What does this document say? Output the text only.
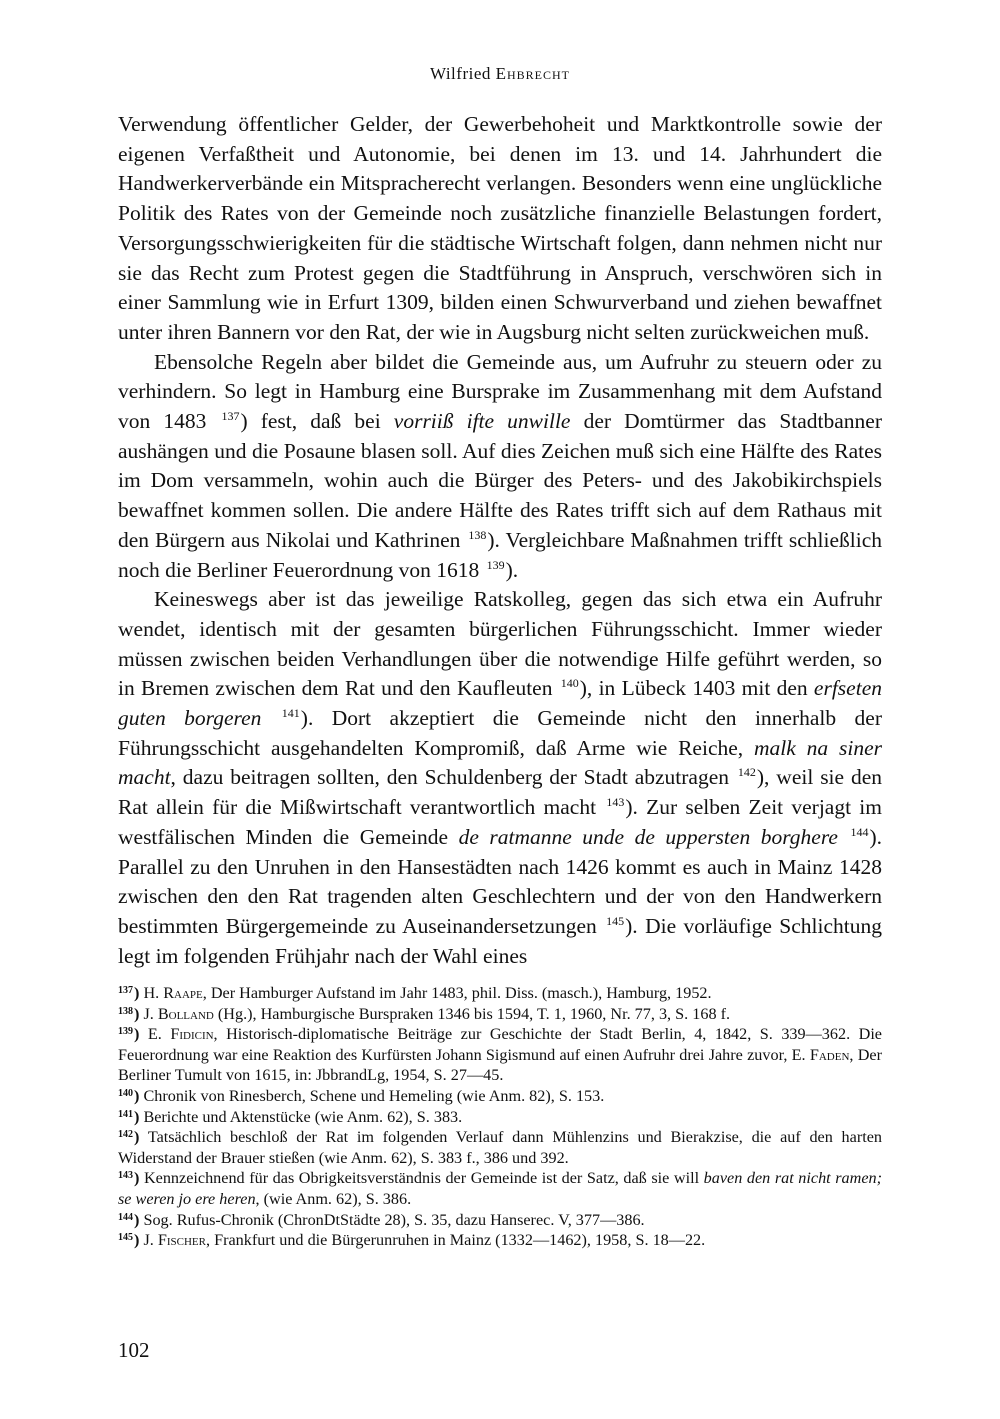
Wilfried Ehbrecht

Verwendung öffentlicher Gelder, der Gewerbehoheit und Marktkontrolle sowie der eigenen Verfaßtheit und Autonomie, bei denen im 13. und 14. Jahrhundert die Handwerkerverbände ein Mitspracherecht verlangen. Besonders wenn eine unglückliche Politik des Rates von der Gemeinde noch zusätzliche finanzielle Belastungen fordert, Versorgungsschwierigkeiten für die städtische Wirtschaft folgen, dann nehmen nicht nur sie das Recht zum Protest gegen die Stadtführung in Anspruch, verschwören sich in einer Sammlung wie in Erfurt 1309, bilden einen Schwurverband und ziehen bewaffnet unter ihren Bannern vor den Rat, der wie in Augsburg nicht selten zurückweichen muß.

Ebensolche Regeln aber bildet die Gemeinde aus, um Aufruhr zu steuern oder zu verhindern. So legt in Hamburg eine Bursprake im Zusammenhang mit dem Aufstand von 1483 $^{137}$) fest, daß bei vorriiß ifte unwille der Domtürmer das Stadtbanner aushängen und die Posaune blasen soll. Auf dies Zeichen muß sich eine Hälfte des Rates im Dom versammeln, wohin auch die Bürger des Peters- und des Jakobikirchspiels bewaffnet kommen sollen. Die andere Hälfte des Rates trifft sich auf dem Rathaus mit den Bürgern aus Nikolai und Kathrinen $^{138}$). Vergleichbare Maßnahmen trifft schließlich noch die Berliner Feuerordnung von 1618 $^{139}$).

Keineswegs aber ist das jeweilige Ratskolleg, gegen das sich etwa ein Aufruhr wendet, identisch mit der gesamten bürgerlichen Führungsschicht. Immer wieder müssen zwischen beiden Verhandlungen über die notwendige Hilfe geführt werden, so in Bremen zwischen dem Rat und den Kaufleuten $^{140}$), in Lübeck 1403 mit den erfseten guten borgeren $^{141}$). Dort akzeptiert die Gemeinde nicht den innerhalb der Führungsschicht ausgehandelten Kompromiß, daß Arme wie Reiche, malk na siner macht, dazu beitragen sollten, den Schuldenberg der Stadt abzutragen $^{142}$), weil sie den Rat allein für die Mißwirtschaft verantwortlich macht $^{143}$). Zur selben Zeit verjagt im westfälischen Minden die Gemeinde de ratmanne unde de uppersten borghere $^{144}$). Parallel zu den Unruhen in den Hansestädten nach 1426 kommt es auch in Mainz 1428 zwischen den den Rat tragenden alten Geschlechtern und der von den Handwerkern bestimmten Bürgergemeinde zu Auseinandersetzungen $^{145}$). Die vorläufige Schlichtung legt im folgenden Frühjahr nach der Wahl eines

$^{137}$) H. Raape, Der Hamburger Aufstand im Jahr 1483, phil. Diss. (masch.), Hamburg, 1952.
$^{138}$) J. Bolland (Hg.), Hamburgische Burspraken 1346 bis 1594, T. 1, 1960, Nr. 77, 3, S. 168 f.
$^{139}$) E. Fidicin, Historisch-diplomatische Beiträge zur Geschichte der Stadt Berlin, 4, 1842, S. 339—362. Die Feuerordnung war eine Reaktion des Kurfürsten Johann Sigismund auf einen Aufruhr drei Jahre zuvor, E. Faden, Der Berliner Tumult von 1615, in: JbbrandLg, 1954, S. 27—45.
$^{140}$) Chronik von Rinesberch, Schene und Hemeling (wie Anm. 82), S. 153.
$^{141}$) Berichte und Aktenstücke (wie Anm. 62), S. 383.
$^{142}$) Tatsächlich beschloß der Rat im folgenden Verlauf dann Mühlenzins und Bierakzise, die auf den harten Widerstand der Brauer stießen (wie Anm. 62), S. 383 f., 386 und 392.
$^{143}$) Kennzeichnend für das Obrigkeitsverständnis der Gemeinde ist der Satz, daß sie will baven den rat nicht ramen; se weren jo ere heren, (wie Anm. 62), S. 386.
$^{144}$) Sog. Rufus-Chronik (ChronDtStädte 28), S. 35, dazu Hanserec. V, 377—386.
$^{145}$) J. Fischer, Frankfurt und die Bürgerunruhen in Mainz (1332—1462), 1958, S. 18—22.
102
